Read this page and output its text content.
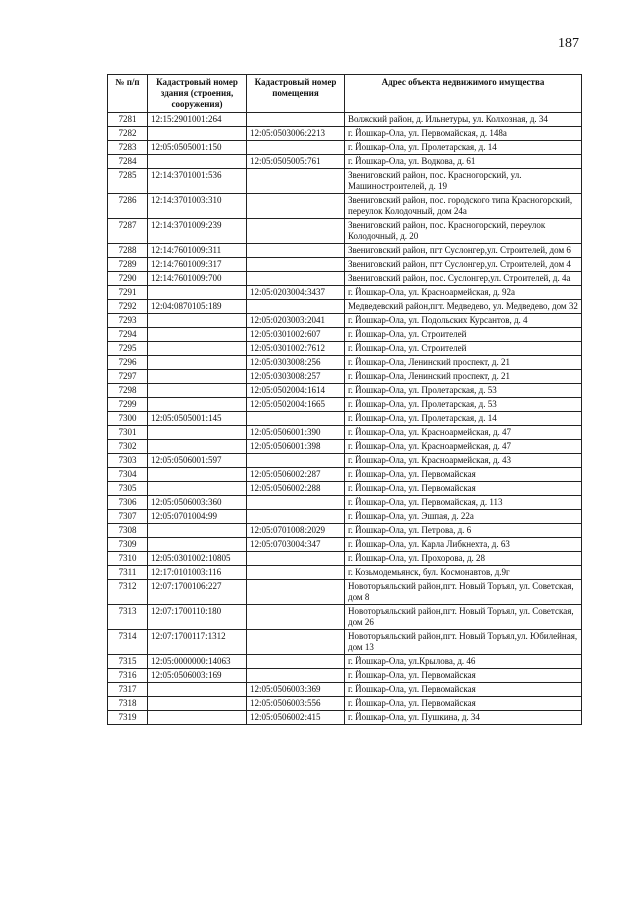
187
№ п/п	Кадастровый номер здания (строения, сооружения)	Кадастровый номер помещения	Адрес объекта недвижимого имущества
7281	12:15:2901001:264		Волжский район, д. Ильнетуры, ул. Колхозная, д. 34
7282		12:05:0503006:2213	г. Йошкар-Ола, ул. Первомайская, д. 148а
7283	12:05:0505001:150		г. Йошкар-Ола, ул. Пролетарская, д. 14
7284		12:05:0505005:761	г. Йошкар-Ола, ул. Водкова, д. 61
7285	12:14:3701001:536		Звениговский район, пос. Красногорский, ул. Машиностроителей, д. 19
7286	12:14:3701003:310		Звениговский район, пос. городского типа Красногорский, переулок Колодочный, дом 24а
7287	12:14:3701009:239		Звениговский район, пос. Красногорский, переулок Колодочный, д. 20
7288	12:14:7601009:311		Звениговский район, пгт Суслонгер,ул. Строителей, дом 6
7289	12:14:7601009:317		Звениговский район, пгт Суслонгер,ул. Строителей, дом 4
7290	12:14:7601009:700		Звениговский район, пос. Суслонгер,ул. Строителей, д. 4а
7291		12:05:0203004:3437	г. Йошкар-Ола, ул. Красноармейская, д. 92а
7292	12:04:0870105:189		Медведевский район,пгт. Медведево, ул. Медведево, дом 32
7293		12:05:0203003:2041	г. Йошкар-Ола, ул. Подольских Курсантов, д. 4
7294		12:05:0301002:607	г. Йошкар-Ола, ул. Строителей
7295		12:05:0301002:7612	г. Йошкар-Ола, ул. Строителей
7296		12:05:0303008:256	г. Йошкар-Ола, Ленинский проспект, д. 21
7297		12:05:0303008:257	г. Йошкар-Ола, Ленинский проспект, д. 21
7298		12:05:0502004:1614	г. Йошкар-Ола, ул. Пролетарская, д. 53
7299		12:05:0502004:1665	г. Йошкар-Ола, ул. Пролетарская, д. 53
7300	12:05:0505001:145		г. Йошкар-Ола, ул. Пролетарская, д. 14
7301		12:05:0506001:390	г. Йошкар-Ола, ул. Красноармейская, д. 47
7302		12:05:0506001:398	г. Йошкар-Ола, ул. Красноармейская, д. 47
7303	12:05:0506001:597		г. Йошкар-Ола, ул. Красноармейская, д. 43
7304		12:05:0506002:287	г. Йошкар-Ола, ул. Первомайская
7305		12:05:0506002:288	г. Йошкар-Ола, ул. Первомайская
7306	12:05:0506003:360		г. Йошкар-Ола, ул. Первомайская, д. 113
7307	12:05:0701004:99		г. Йошкар-Ола, ул. Эшпая, д. 22а
7308		12:05:0701008:2029	г. Йошкар-Ола, ул. Петрова, д. 6
7309		12:05:0703004:347	г. Йошкар-Ола, ул. Карла Либкнехта, д. 63
7310	12:05:0301002:10805		г. Йошкар-Ола, ул. Прохорова, д. 28
7311	12:17:0101003:116		г. Козьмодемьянск, бул. Космонавтов, д.9г
7312	12:07:1700106:227		Новоторъяльский район,пгт. Новый Торъял, ул. Советская, дом 8
7313	12:07:1700110:180		Новоторъяльский район,пгт. Новый Торъял, ул. Советская, дом 26
7314	12:07:1700117:1312		Новоторъяльский район,пгт. Новый Торъял,ул. Юбилейная, дом 13
7315	12:05:0000000:14063		г. Йошкар-Ола, ул.Крылова, д. 46
7316	12:05:0506003:169		г. Йошкар-Ола, ул. Первомайская
7317		12:05:0506003:369	г. Йошкар-Ола, ул. Первомайская
7318		12:05:0506003:556	г. Йошкар-Ола, ул. Первомайская
7319		12:05:0506002:415	г. Йошкар-Ола, ул. Пушкина, д. 34
